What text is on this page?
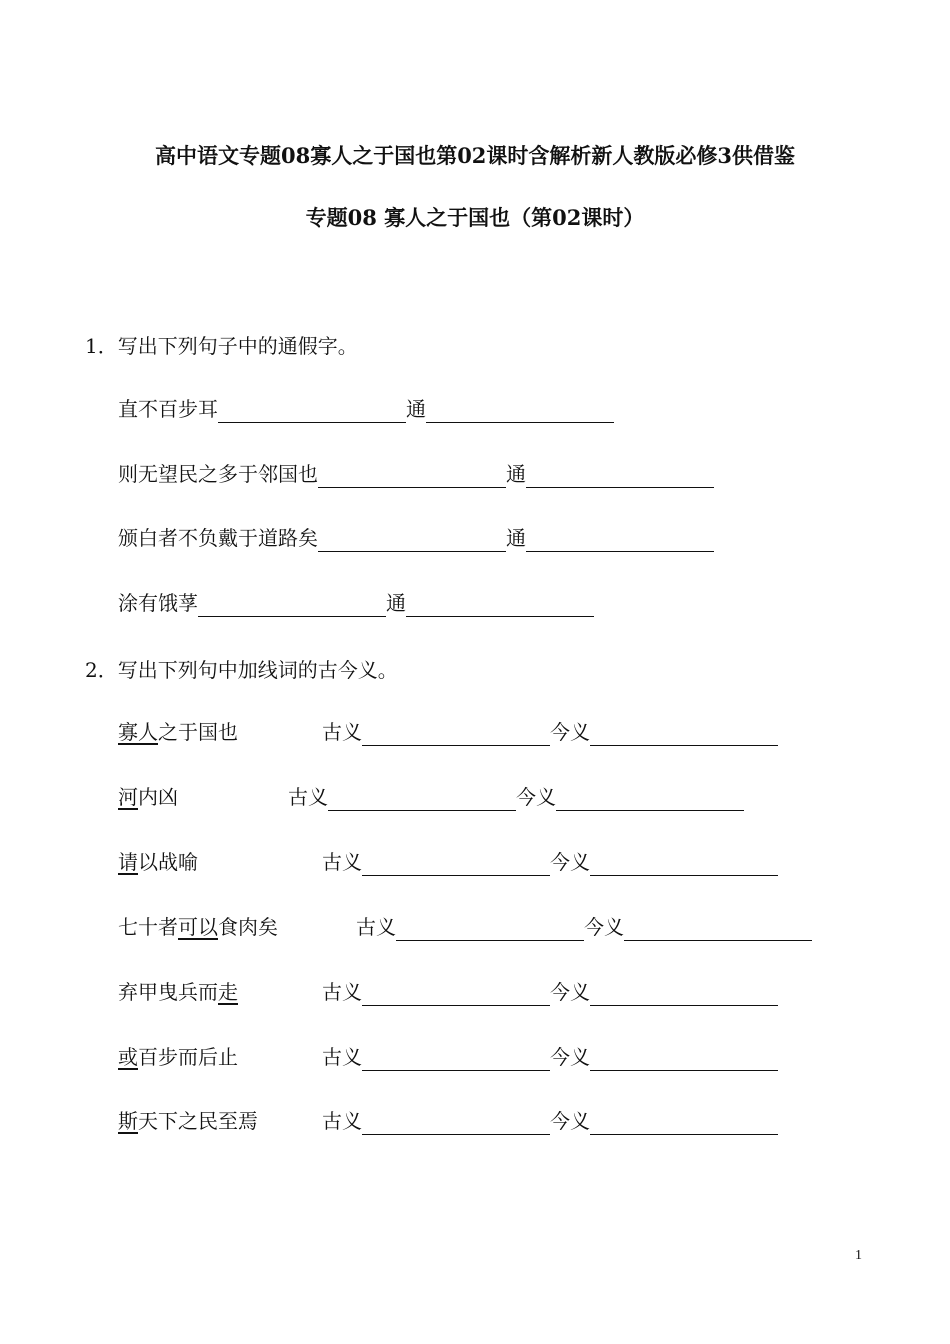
高中语文专题08寡人之于国也第02课时含解析新人教版必修3供借鉴
专题08 寡人之于国也（第02课时）
1．写出下列句子中的通假字。
直不百步耳	通
则无望民之多于邻国也	通
颁白者不负戴于道路矣	通
涂有饿莩	通
2．写出下列句中加线词的古今义。
寡人之于国也	古义	今义
河内凶	古义	今义
请以战喻	古义	今义
七十者可以食肉矣	古义	今义
弃甲曳兵而走	古义	今义
或百步而后止	古义	今义
斯天下之民至焉	古义	今义
1
